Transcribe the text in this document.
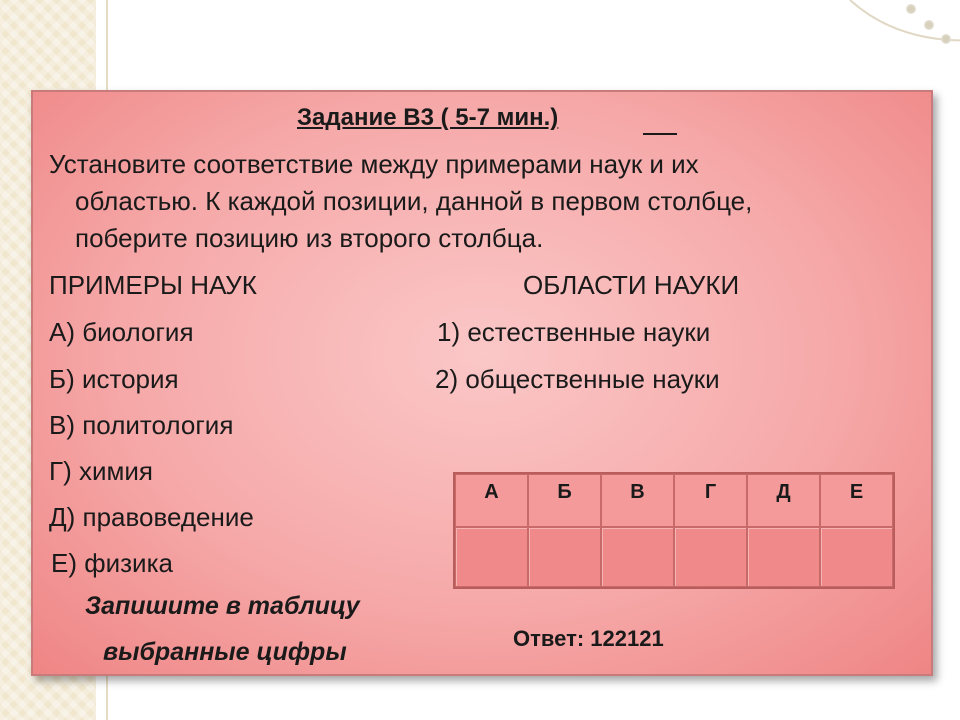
Задание В3 ( 5-7 мин.)
Установите соответствие между примерами наук и их
областью. К каждой позиции, данной в первом столбце,
поберите позицию из второго столбца.
ПРИМЕРЫ НАУК	ОБЛАСТИ НАУКИ
А) биология
Б) история
В) политология
Г) химия
Д) правоведение
Е) физика
1) естественные науки
2) общественные науки
Запишите в таблицу
выбранные цифры
А	Б	В	Г	Д	Е

Ответ: 122121
